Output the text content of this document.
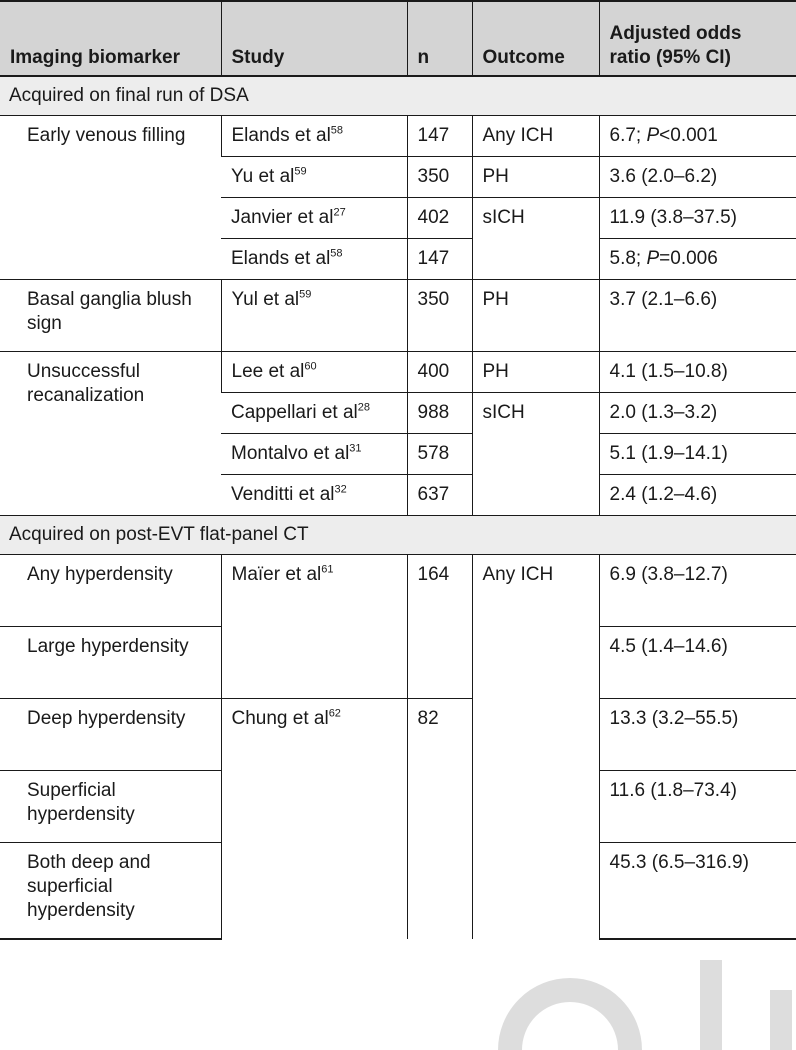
Imaging biomarker	Study	n	Outcome	Adjusted odds ratio (95% CI)
Acquired on final run of DSA				
Early venous filling	Elands et $al^{58}$	147	Any ICH	6.7; P<0.001
	Yu et $al^{59}$	350	PH	3.6 (2.0–6.2)
	Janvier et $al^{27}$	402	sICH	11.9 (3.8–37.5)
	Elands et $al^{58}$	147		5.8; P=0.006
Basal ganglia blush sign	Yul et $al^{59}$	350	PH	3.7 (2.1–6.6)
Unsuccessful recanalization	Lee et $al^{60}$	400	PH	4.1 (1.5–10.8)
	Cappellari et $al^{28}$	988	sICH	2.0 (1.3–3.2)
	Montalvo et $al^{31}$	578		5.1 (1.9–14.1)
	Venditti et $al^{32}$	637		2.4 (1.2–4.6)
Acquired on post-EVT flat-panel CT				
Any hyperdensity	Maïer et $al^{61}$	164	Any ICH	6.9 (3.8–12.7)
Large hyperdensity				4.5 (1.4–14.6)
Deep hyperdensity	Chung et $al^{62}$	82		13.3 (3.2–55.5)
Superficial hyperdensity				11.6 (1.8–73.4)
Both deep and superficial hyperdensity				45.3 (6.5–316.9)
